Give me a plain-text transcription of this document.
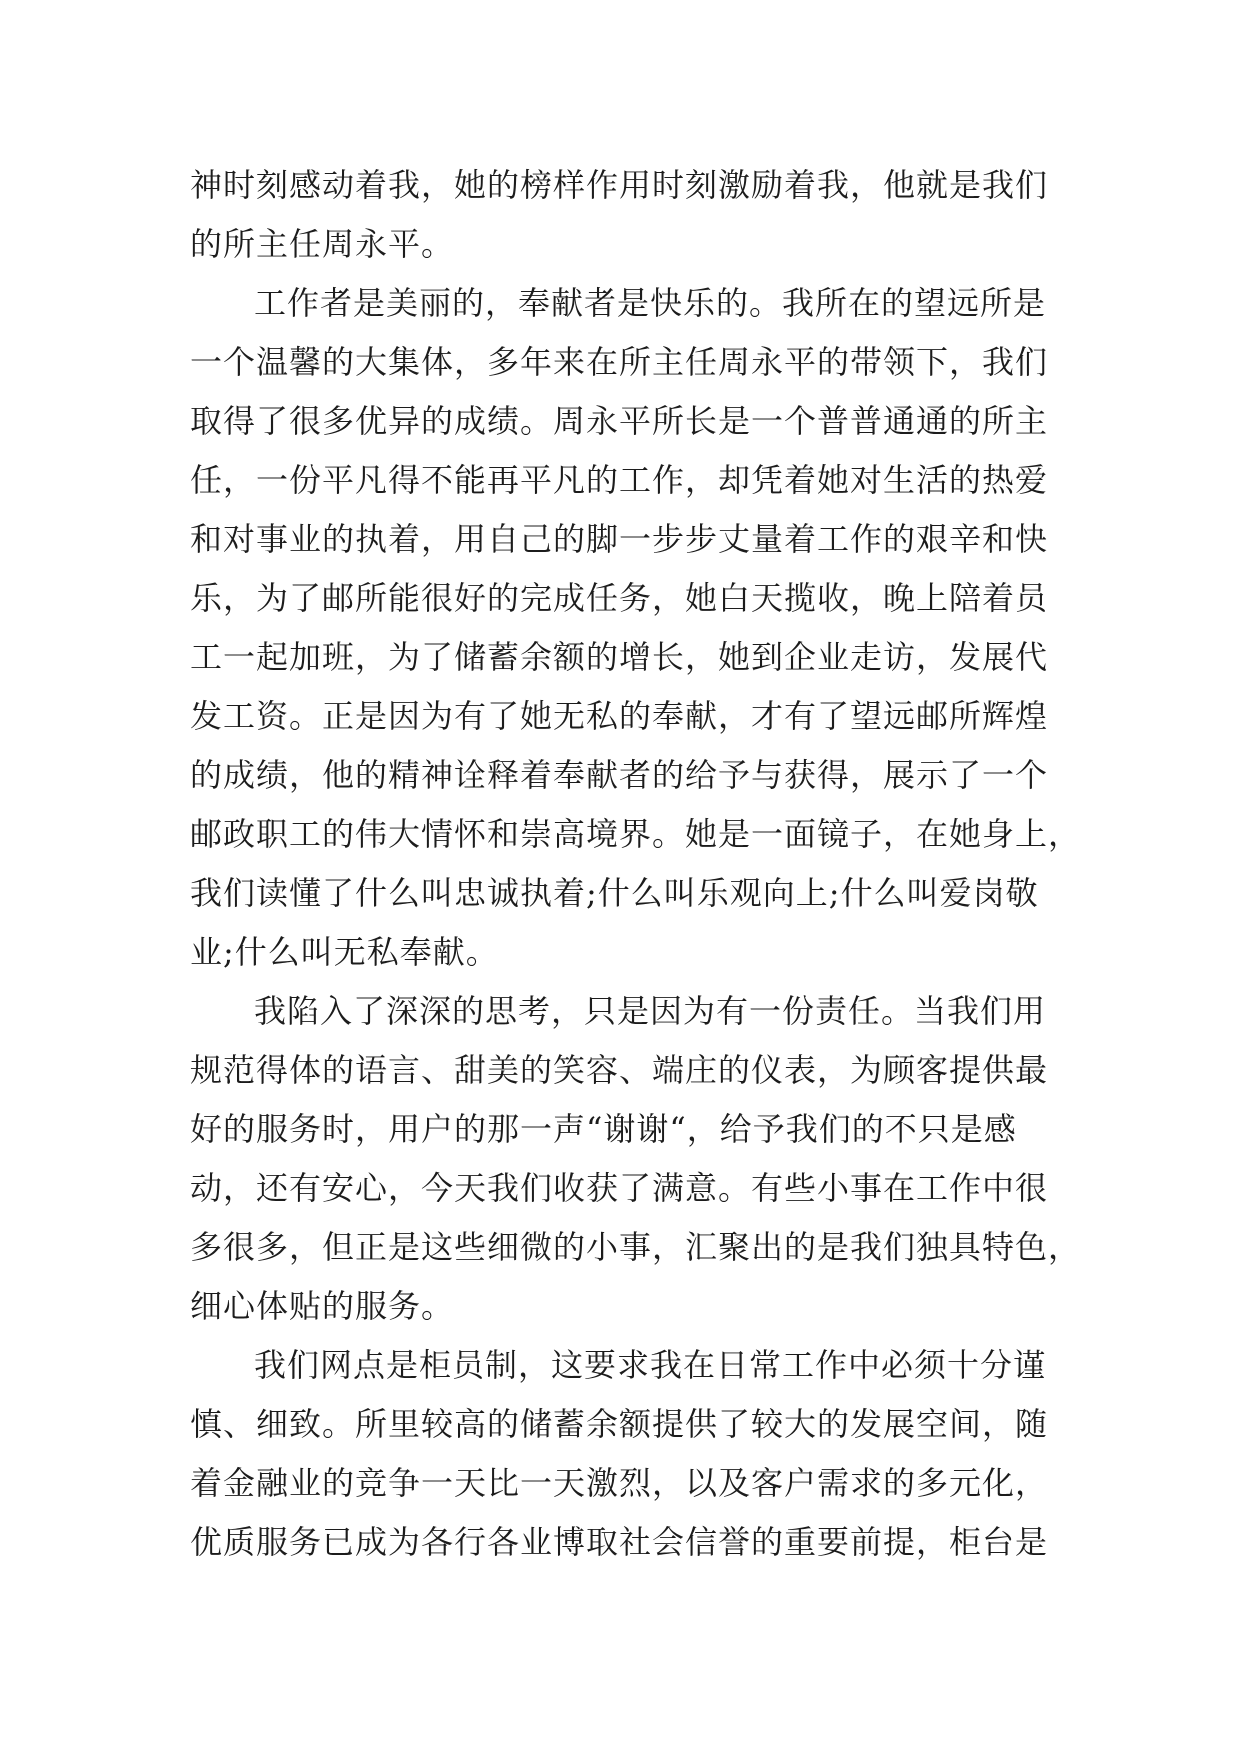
神时刻感动着我，她的榜样作用时刻激励着我，他就是我们
的所主任周永平。
工作者是美丽的，奉献者是快乐的。我所在的望远所是
一个温馨的大集体，多年来在所主任周永平的带领下，我们
取得了很多优异的成绩。周永平所长是一个普普通通的所主
任，一份平凡得不能再平凡的工作，却凭着她对生活的热爱
和对事业的执着，用自己的脚一步步丈量着工作的艰辛和快
乐，为了邮所能很好的完成任务，她白天揽收，晚上陪着员
工一起加班，为了储蓄余额的增长，她到企业走访，发展代
发工资。正是因为有了她无私的奉献，才有了望远邮所辉煌
的成绩，他的精神诠释着奉献者的给予与获得，展示了一个
邮政职工的伟大情怀和崇高境界。她是一面镜子，在她身上，
我们读懂了什么叫忠诚执着;什么叫乐观向上;什么叫爱岗敬
业;什么叫无私奉献。
我陷入了深深的思考，只是因为有一份责任。当我们用
规范得体的语言、甜美的笑容、端庄的仪表，为顾客提供最
好的服务时，用户的那一声“谢谢“，给予我们的不只是感
动，还有安心，今天我们收获了满意。有些小事在工作中很
多很多，但正是这些细微的小事，汇聚出的是我们独具特色，
细心体贴的服务。
我们网点是柜员制，这要求我在日常工作中必须十分谨
慎、细致。所里较高的储蓄余额提供了较大的发展空间，随
着金融业的竞争一天比一天激烈，以及客户需求的多元化，
优质服务已成为各行各业博取社会信誉的重要前提，柜台是
